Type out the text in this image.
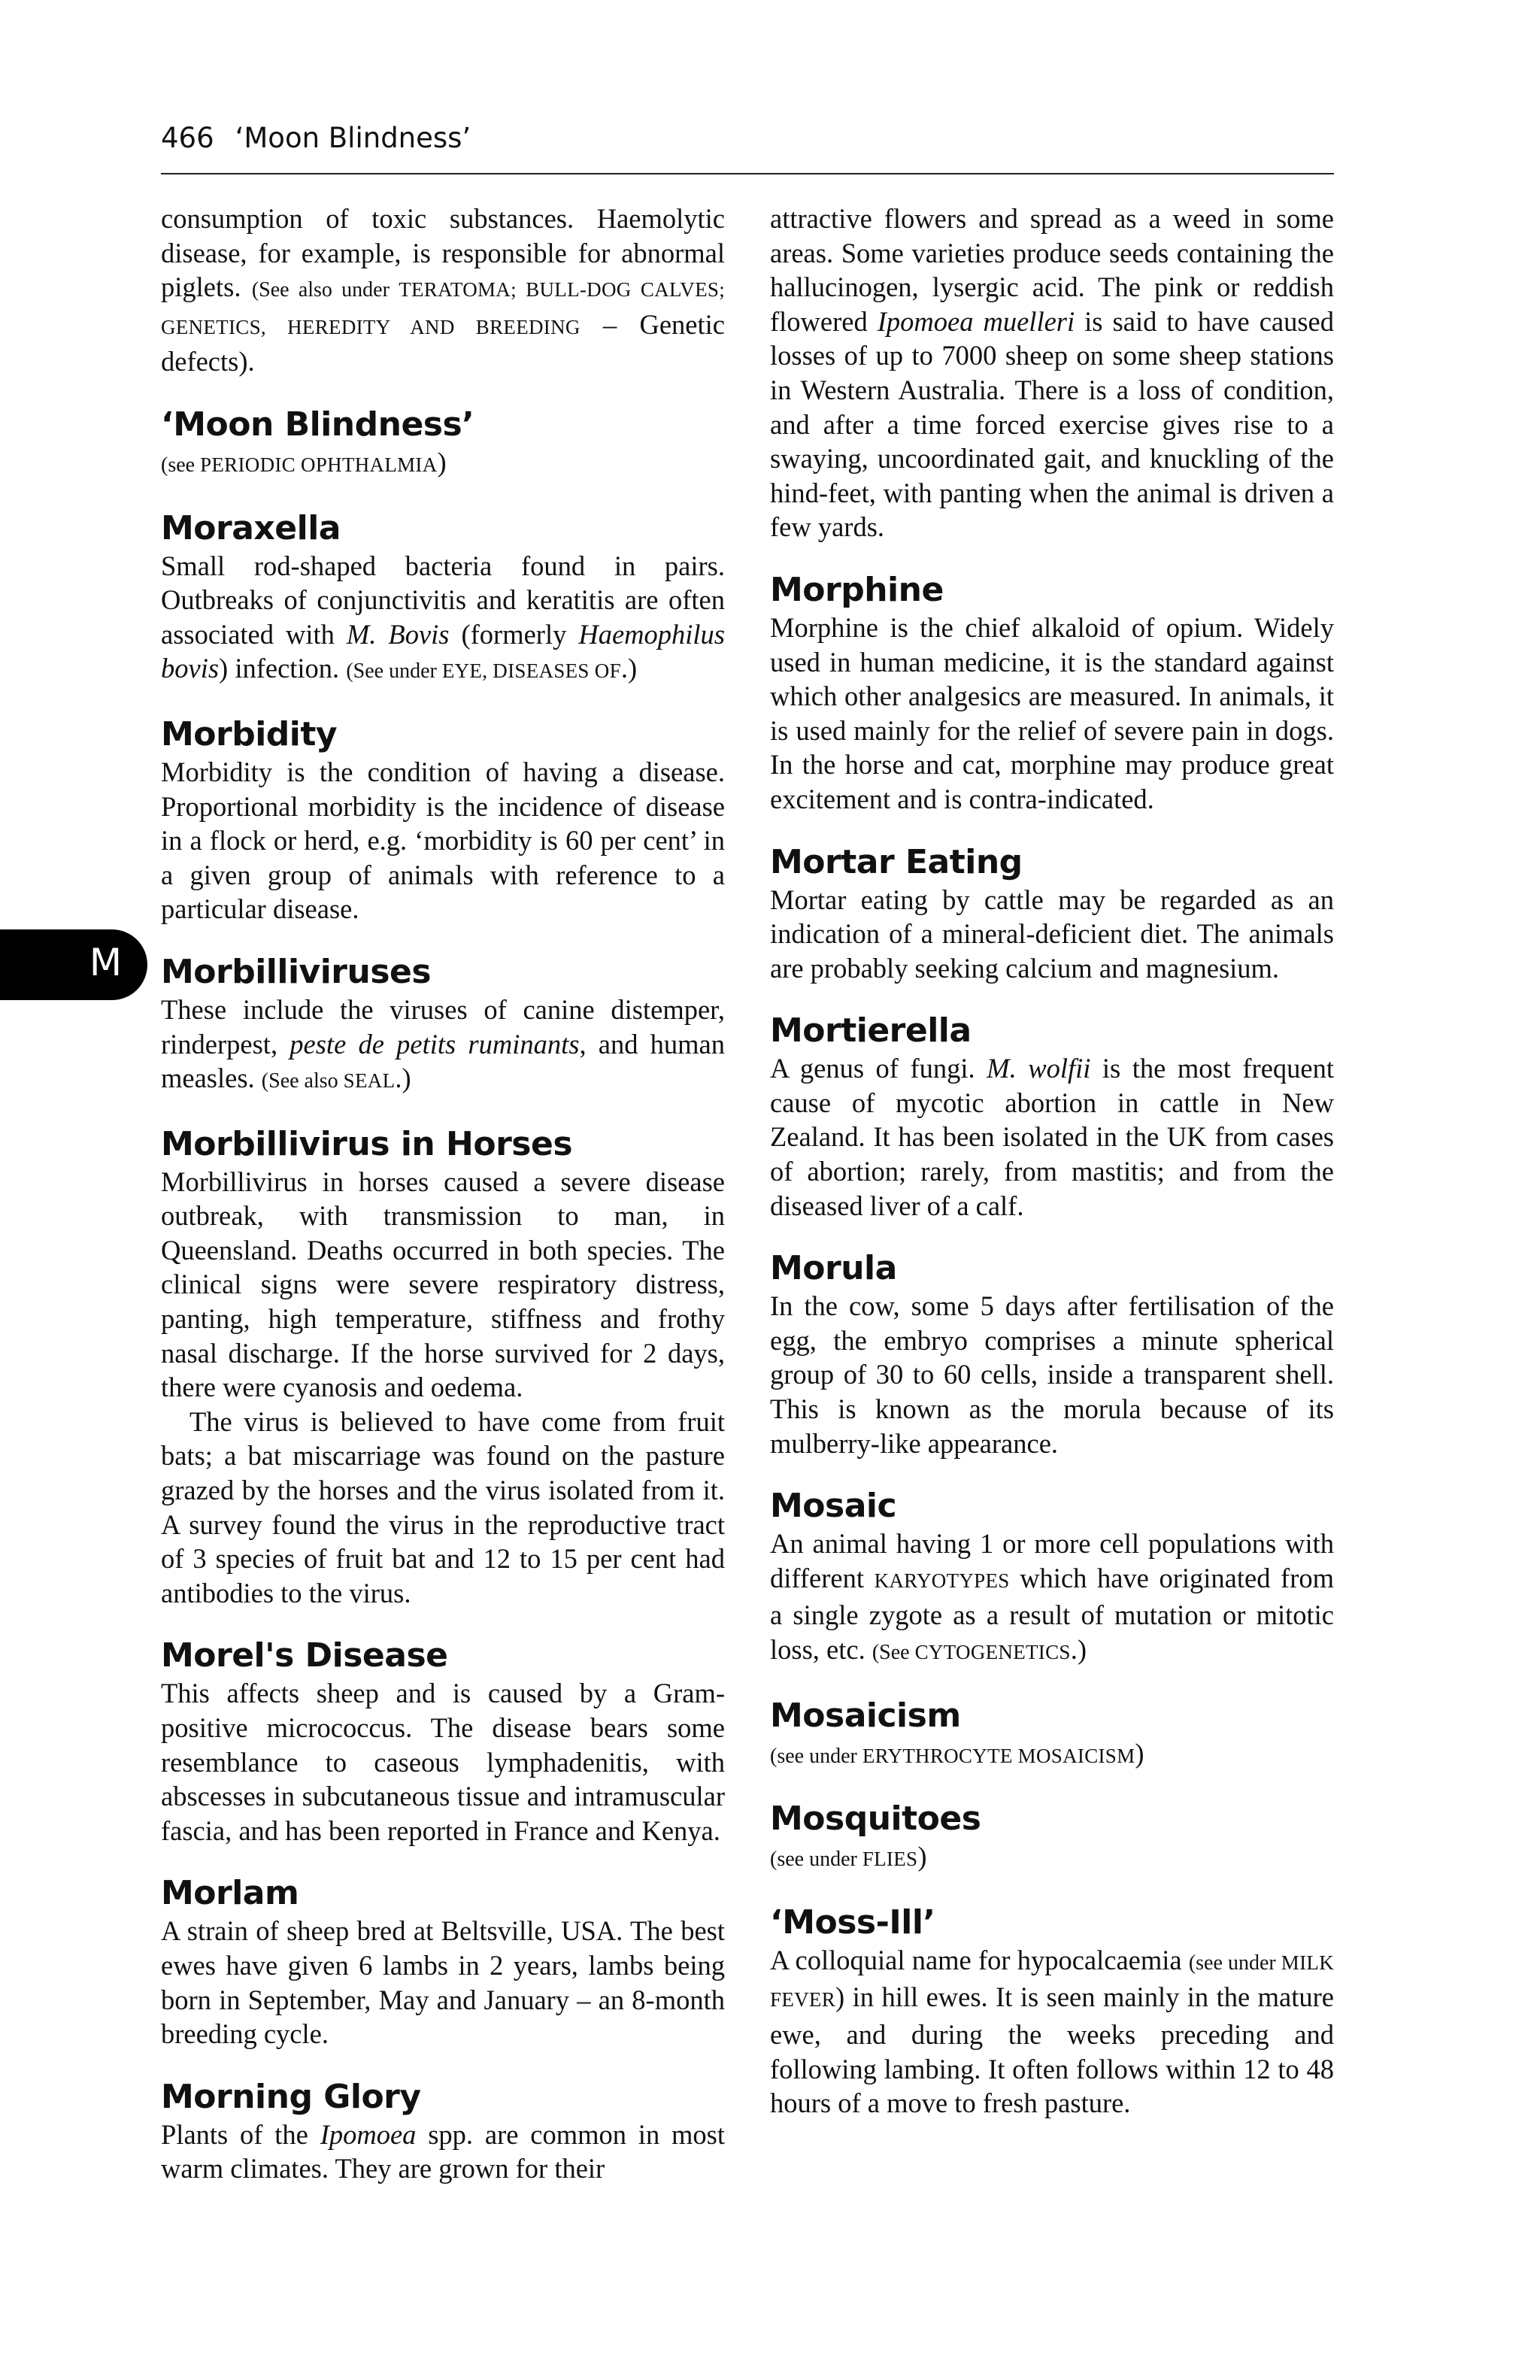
466 ‘Moon Blindness’
M

consumption of toxic substances. Haemolytic disease, for example, is responsible for abnormal piglets. (See also under TERATOMA; BULL-DOG CALVES; GENETICS, HEREDITY AND BREEDING – Genetic defects).

‘Moon Blindness’

(see PERIODIC OPHTHALMIA)

Moraxella

Small rod-shaped bacteria found in pairs. Outbreaks of conjunctivitis and keratitis are often associated with M. Bovis (formerly Haemophilus bovis) infection. (See under EYE, DISEASES OF.)

Morbidity

Morbidity is the condition of having a disease. Proportional morbidity is the incidence of disease in a flock or herd, e.g. ‘morbidity is 60 per cent’ in a given group of animals with reference to a particular disease.

Morbilliviruses

These include the viruses of canine distemper, rinderpest, peste de petits ruminants, and human measles. (See also SEAL.)

Morbillivirus in Horses

Morbillivirus in horses caused a severe disease outbreak, with transmission to man, in Queensland. Deaths occurred in both species. The clinical signs were severe respiratory distress, panting, high temperature, stiffness and frothy nasal discharge. If the horse survived for 2 days, there were cyanosis and oedema.

The virus is believed to have come from fruit bats; a bat miscarriage was found on the pasture grazed by the horses and the virus isolated from it. A survey found the virus in the reproductive tract of 3 species of fruit bat and 12 to 15 per cent had antibodies to the virus.

Morel's Disease

This affects sheep and is caused by a Gram-positive micrococcus. The disease bears some resemblance to caseous lymphadenitis, with abscesses in subcutaneous tissue and intramuscular fascia, and has been reported in France and Kenya.

Morlam

A strain of sheep bred at Beltsville, USA. The best ewes have given 6 lambs in 2 years, lambs being born in September, May and January – an 8-month breeding cycle.

Morning Glory

Plants of the Ipomoea spp. are common in most warm climates. They are grown for their

attractive flowers and spread as a weed in some areas. Some varieties produce seeds containing the hallucinogen, lysergic acid. The pink or reddish flowered Ipomoea muelleri is said to have caused losses of up to 7000 sheep on some sheep stations in Western Australia. There is a loss of condition, and after a time forced exercise gives rise to a swaying, uncoordinated gait, and knuckling of the hind-feet, with panting when the animal is driven a few yards.

Morphine

Morphine is the chief alkaloid of opium. Widely used in human medicine, it is the standard against which other analgesics are measured. In animals, it is used mainly for the relief of severe pain in dogs. In the horse and cat, morphine may produce great excitement and is contra-indicated.

Mortar Eating

Mortar eating by cattle may be regarded as an indication of a mineral-deficient diet. The animals are probably seeking calcium and magnesium.

Mortierella

A genus of fungi. M. wolfii is the most frequent cause of mycotic abortion in cattle in New Zealand. It has been isolated in the UK from cases of abortion; rarely, from mastitis; and from the diseased liver of a calf.

Morula

In the cow, some 5 days after fertilisation of the egg, the embryo comprises a minute spherical group of 30 to 60 cells, inside a transparent shell. This is known as the morula because of its mulberry-like appearance.

Mosaic

An animal having 1 or more cell populations with different KARYOTYPES which have originated from a single zygote as a result of mutation or mitotic loss, etc. (See CYTOGENETICS.)

Mosaicism

(see under ERYTHROCYTE MOSAICISM)

Mosquitoes

(see under FLIES)

‘Moss-Ill’

A colloquial name for hypocalcaemia (see under MILK FEVER) in hill ewes. It is seen mainly in the mature ewe, and during the weeks preceding and following lambing. It often follows within 12 to 48 hours of a move to fresh pasture.
